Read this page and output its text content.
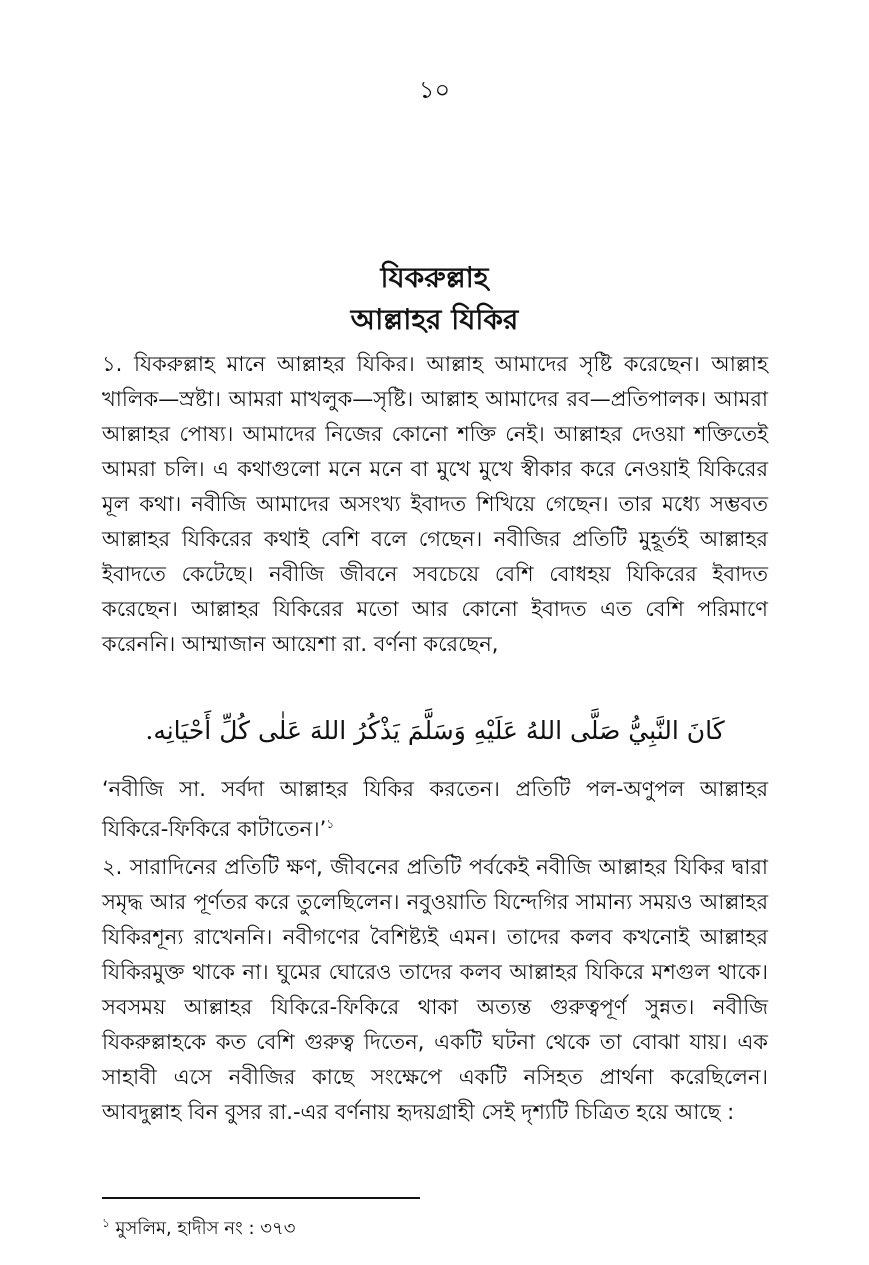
১০
যিকরুল্লাহ
আল্লাহর যিকির
১. যিকরুল্লাহ মানে আল্লাহর যিকির। আল্লাহ আমাদের সৃষ্টি করেছেন। আল্লাহ খালিক—স্রষ্টা। আমরা মাখলুক—সৃষ্টি। আল্লাহ আমাদের রব—প্রতিপালক। আমরা আল্লাহর পোষ্য। আমাদের নিজের কোনো শক্তি নেই। আল্লাহর দেওয়া শক্তিতেই আমরা চলি। এ কথাগুলো মনে মনে বা মুখে মুখে স্বীকার করে নেওয়াই যিকিরের মূল কথা। নবীজি আমাদের অসংখ্য ইবাদত শিখিয়ে গেছেন। তার মধ্যে সম্ভবত আল্লাহর যিকিরের কথাই বেশি বলে গেছেন। নবীজির প্রতিটি মুহূর্তই আল্লাহর ইবাদতে কেটেছে। নবীজি জীবনে সবচেয়ে বেশি বোধহয় যিকিরের ইবাদত করেছেন। আল্লাহর যিকিরের মতো আর কোনো ইবাদত এত বেশি পরিমাণে করেননি। আম্মাজান আয়েশা রা. বর্ণনা করেছেন,
كَانَ النَّبِيُّ صَلَّى اللهُ عَلَيْهِ وَسَلَّمَ يَذْكُرُ اللهَ عَلٰى كُلِّ أَحْيَانِه.
‘নবীজি সা. সর্বদা আল্লাহর যিকির করতেন। প্রতিটি পল-অণুপল আল্লাহর যিকিরে-ফিকিরে কাটাতেন।’$^১$
২. সারাদিনের প্রতিটি ক্ষণ, জীবনের প্রতিটি পর্বকেই নবীজি আল্লাহর যিকির দ্বারা সমৃদ্ধ আর পূর্ণতর করে তুলেছিলেন। নবুওয়াতি যিন্দেগির সামান্য সময়ও আল্লাহর যিকিরশূন্য রাখেননি। নবীগণের বৈশিষ্ট্যই এমন। তাদের কলব কখনোই আল্লাহর যিকিরমুক্ত থাকে না। ঘুমের ঘোরেও তাদের কলব আল্লাহর যিকিরে মশগুল থাকে। সবসময় আল্লাহর যিকিরে-ফিকিরে থাকা অত্যন্ত গুরুত্বপূর্ণ সুন্নত। নবীজি যিকরুল্লাহকে কত বেশি গুরুত্ব দিতেন, একটি ঘটনা থেকে তা বোঝা যায়। এক সাহাবী এসে নবীজির কাছে সংক্ষেপে একটি নসিহত প্রার্থনা করেছিলেন। আবদুল্লাহ বিন বুসর রা.-এর বর্ণনায় হৃদয়গ্রাহী সেই দৃশ্যটি চিত্রিত হয়ে আছে :
$^১$ মুসলিম, হাদীস নং : ৩৭৩
